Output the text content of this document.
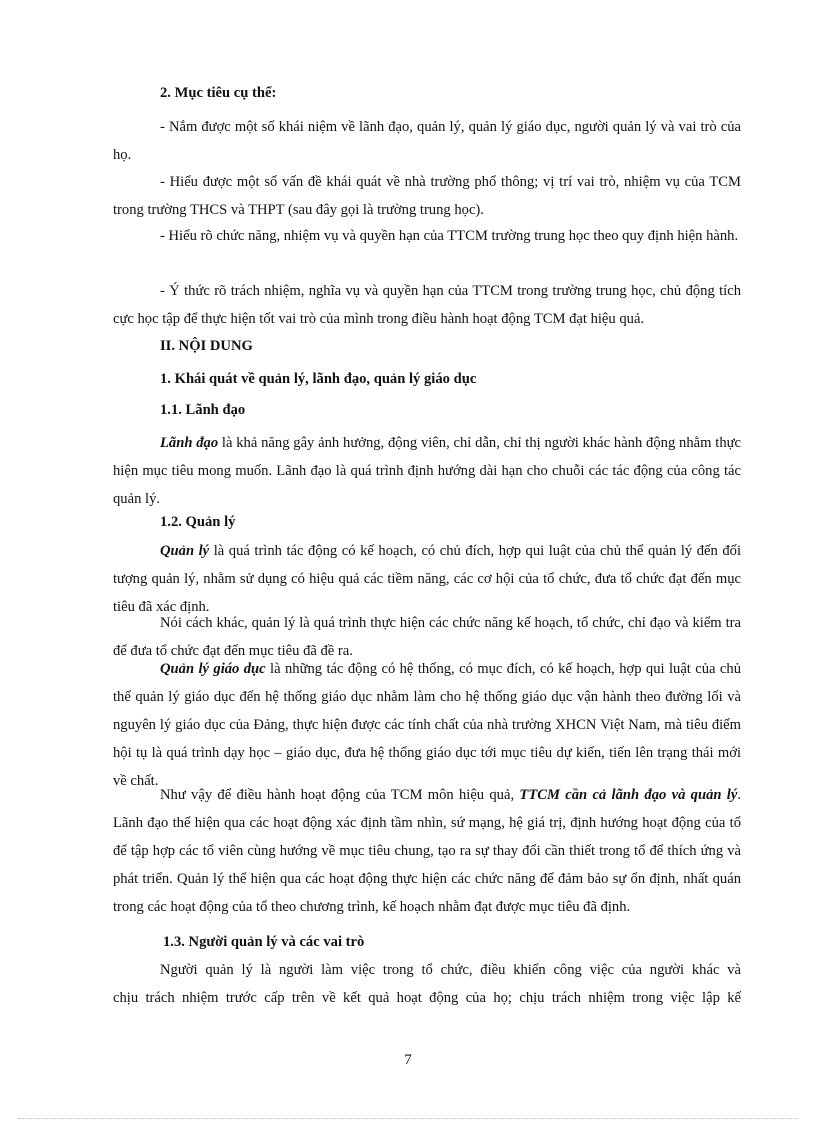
2. Mục tiêu cụ thể:

- Nắm được một số khái niệm về lãnh đạo, quản lý, quản lý giáo dục, người quản lý và vai trò của họ.

- Hiểu được một số vấn đề khái quát về nhà trường phổ thông; vị trí vai trò, nhiệm vụ của TCM trong trường THCS và THPT (sau đây gọi là trường trung học).

- Hiểu rõ chức năng, nhiệm vụ và quyền hạn của TTCM trường trung học theo quy định hiện hành.

- Ý thức rõ trách nhiệm, nghĩa vụ và quyền hạn của TTCM trong trường trung học, chủ động tích cực học tập để thực hiện tốt vai trò của mình trong điều hành hoạt động TCM đạt hiệu quả.

II. NỘI DUNG
1. Khái quát về quản lý, lãnh đạo, quản lý giáo dục
1.1. Lãnh đạo

Lãnh đạo là khả năng gây ảnh hưởng, động viên, chỉ dẫn, chỉ thị người khác hành động nhằm thực hiện mục tiêu mong muốn. Lãnh đạo là quá trình định hướng dài hạn cho chuỗi các tác động của công tác quản lý.

1.2. Quản lý

Quản lý là quá trình tác động có kế hoạch, có chủ đích, hợp qui luật của chủ thể quản lý đến đối tượng quản lý, nhằm sử dụng có hiệu quả các tiềm năng, các cơ hội của tổ chức, đưa tổ chức đạt đến mục tiêu đã xác định.

Nói cách khác, quản lý là quá trình thực hiện các chức năng kế hoạch, tổ chức, chỉ đạo và kiểm tra để đưa tổ chức đạt đến mục tiêu đã đề ra.

Quản lý giáo dục là những tác động có hệ thống, có mục đích, có kế hoạch, hợp qui luật của chủ thể quản lý giáo dục đến hệ thống giáo dục nhằm làm cho hệ thống giáo dục vận hành theo đường lối và nguyên lý giáo dục của Đảng, thực hiện được các tính chất của nhà trường XHCN Việt Nam, mà tiêu điểm hội tụ là quá trình dạy học – giáo dục, đưa hệ thống giáo dục tới mục tiêu dự kiến, tiến lên trạng thái mới về chất.

Như vậy để điều hành hoạt động của TCM môn hiệu quả, TTCM cần cả lãnh đạo và quản lý. Lãnh đạo thể hiện qua các hoạt động xác định tầm nhìn, sứ mạng, hệ giá trị, định hướng hoạt động của tổ để tập hợp các tổ viên cùng hướng về mục tiêu chung, tạo ra sự thay đổi cần thiết trong tổ để thích ứng và phát triển. Quản lý thể hiện qua các hoạt động thực hiện các chức năng để đảm bảo sự ổn định, nhất quán trong các hoạt động của tổ theo chương trình, kế hoạch nhằm đạt được mục tiêu đã định.

1.3. Người quản lý và các vai trò
Người quản lý là người làm việc trong tổ chức, điều khiển công việc của người khác và
chịu trách nhiệm trước cấp trên về kết quả hoạt động của họ; chịu trách nhiệm trong việc lập kế
7
